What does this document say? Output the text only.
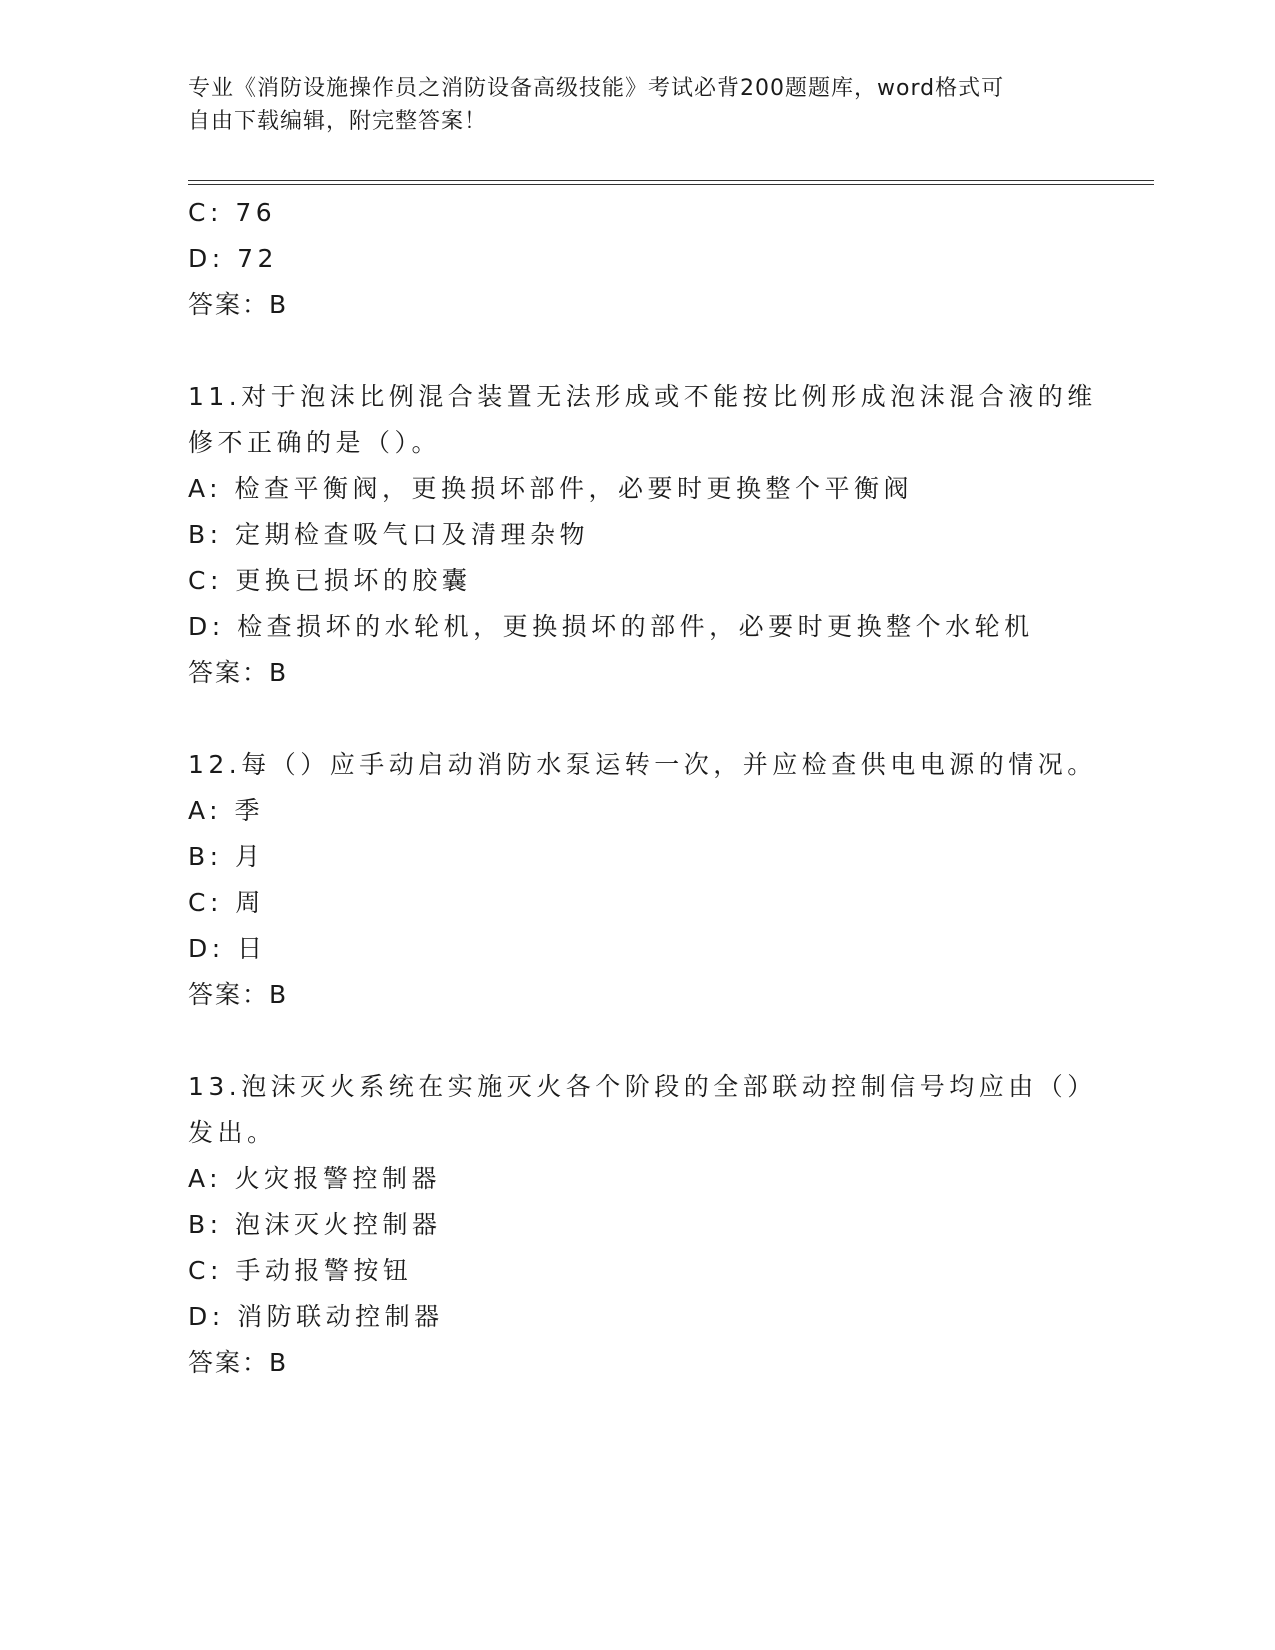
专业《消防设施操作员之消防设备高级技能》考试必背200题题库，word格式可
自由下载编辑，附完整答案！
C: 76
D: 72
答案：B
11.对于泡沫比例混合装置无法形成或不能按比例形成泡沫混合液的维
修不正确的是（）。
A: 检查平衡阀，更换损坏部件，必要时更换整个平衡阀
B: 定期检查吸气口及清理杂物
C: 更换已损坏的胶囊
D: 检查损坏的水轮机，更换损坏的部件，必要时更换整个水轮机
答案：B
12.每（）应手动启动消防水泵运转一次，并应检查供电电源的情况。
A: 季
B: 月
C: 周
D: 日
答案：B
13.泡沫灭火系统在实施灭火各个阶段的全部联动控制信号均应由（）
发出。
A: 火灾报警控制器
B: 泡沫灭火控制器
C: 手动报警按钮
D: 消防联动控制器
答案：B
